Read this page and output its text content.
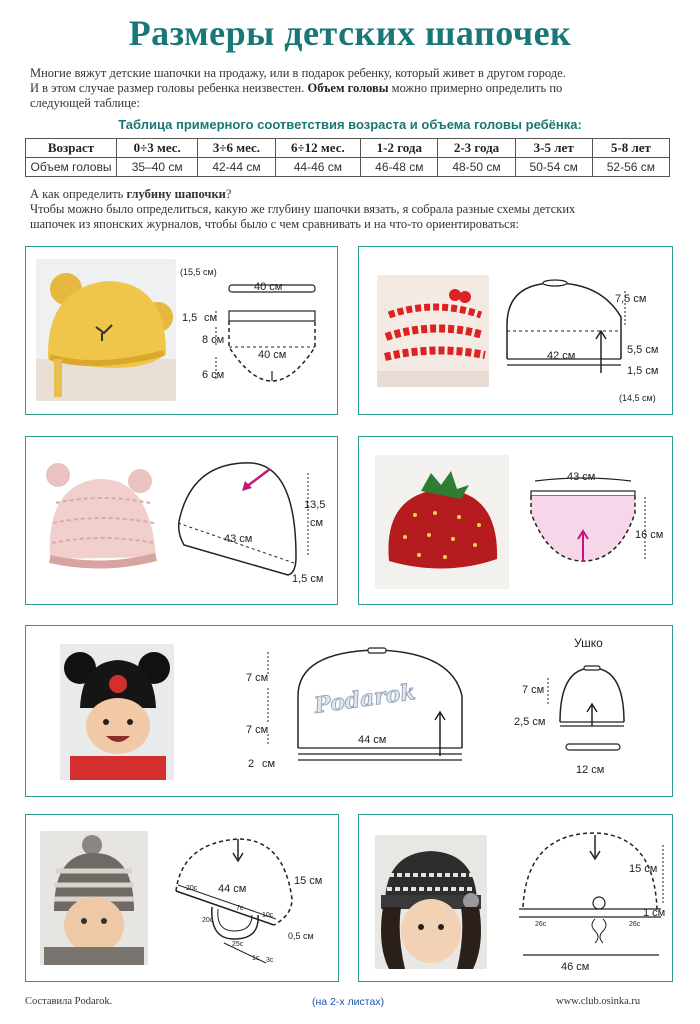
Размеры детских шапочек
Многие вяжут детские шапочки на продажу, или в подарок ребенку, который живет в другом городе.
И в этом случае размер головы ребенка неизвестен. Объем головы можно примерно определить по
следующей таблице:
Таблица примерного соответствия возраста и объема головы ребёнка:
Возраст	0÷3 мес.	3÷6 мес.	6÷12 мес.	1-2 года	2-3 года	3-5 лет	5-8 лет
Объем головы	35–40 см	42-44 см	44-46 см	46-48 см	48-50 см	50-54 см	52-56 см
А как определить глубину шапочки?
Чтобы можно было определиться, какую же глубину шапочки вязать, я собрала разные схемы детских
шапочек из японских журналов, чтобы было с чем сравнивать и на что-то ориентироваться:
(15,5 см)
40 см
1,5 см
8 см
6 см
40 см
7,5 см
42 см	5,5 см
1,5 см
(14,5 см)
43 см
13,5
см
1,5 см
43 см
16 см
Podarok
7 см
7 см
2 см
44 см
Ушко
7 см
2,5 см
12 см
44 см
15 см
20c
7c
10c
20c
25c
0,5 см
1c 3c
15 см
1 см
46 см
26c	26c
Составила Podarok.	(на 2-х листах)	www.club.osinka.ru
